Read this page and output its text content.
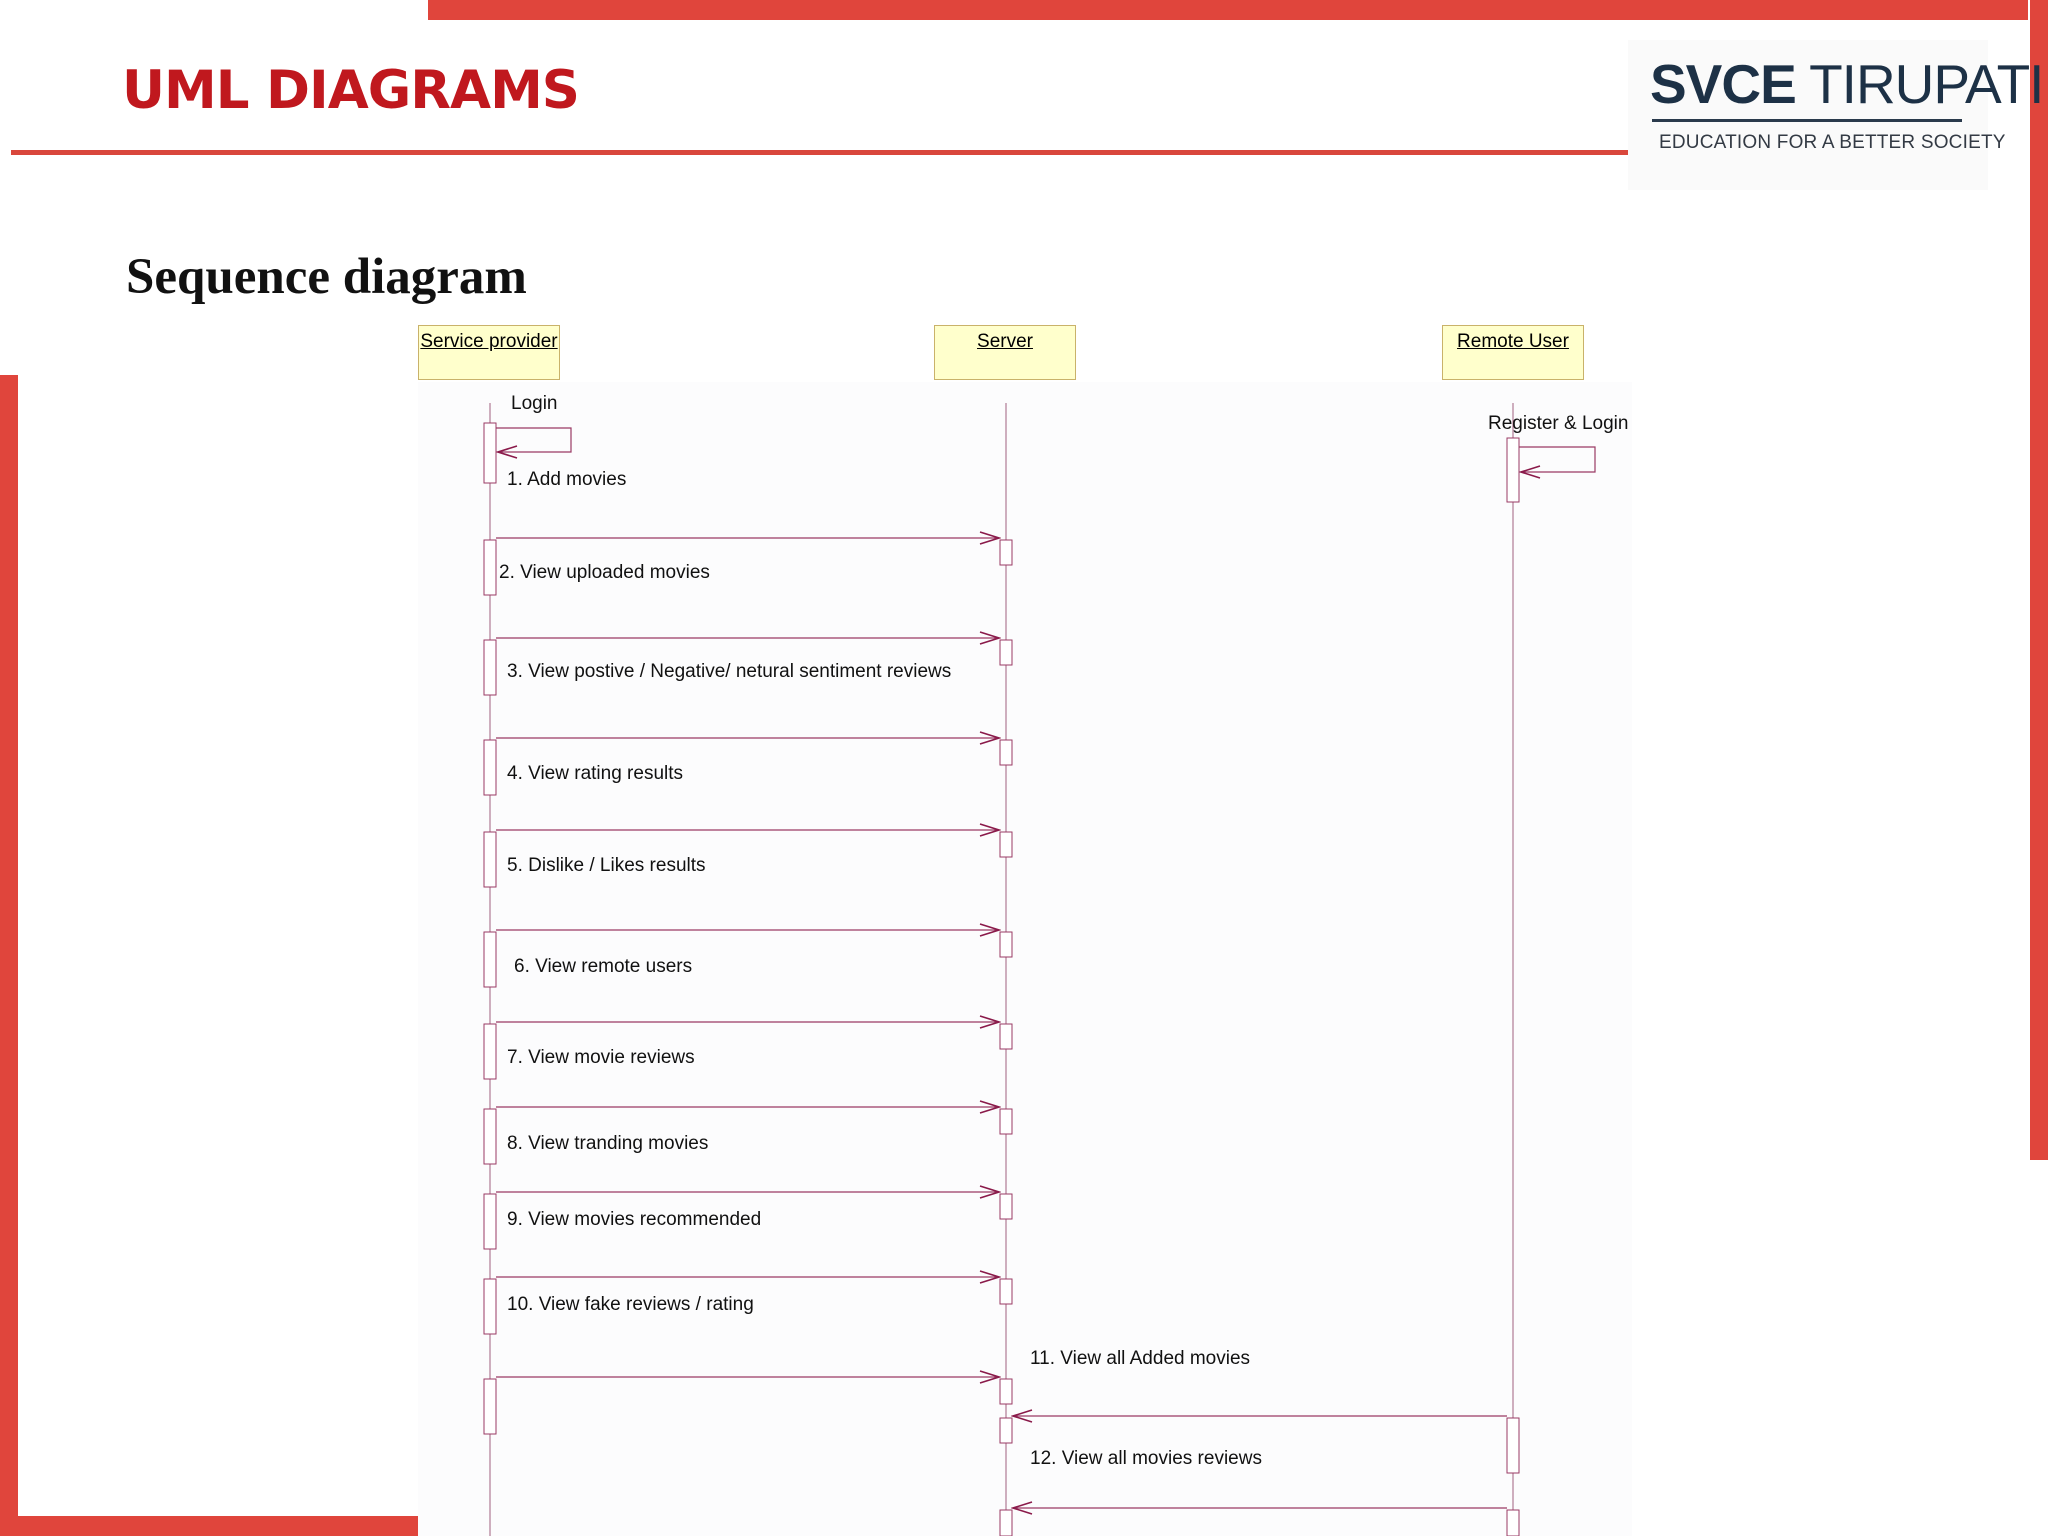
UML DIAGRAMS	SVCE TIRUPATI
EDUCATION FOR A BETTER SOCIETY
Sequence diagram
Service provider	Server	Remote User
Login
Register & Login
1. Add movies
2. View uploaded movies
3. View postive / Negative/ netural sentiment reviews
4. View rating results
5. Dislike / Likes results
6. View remote users
7. View movie reviews
8. View tranding movies
9. View movies recommended
10. View fake reviews / rating
11. View all Added movies
12. View all movies reviews
